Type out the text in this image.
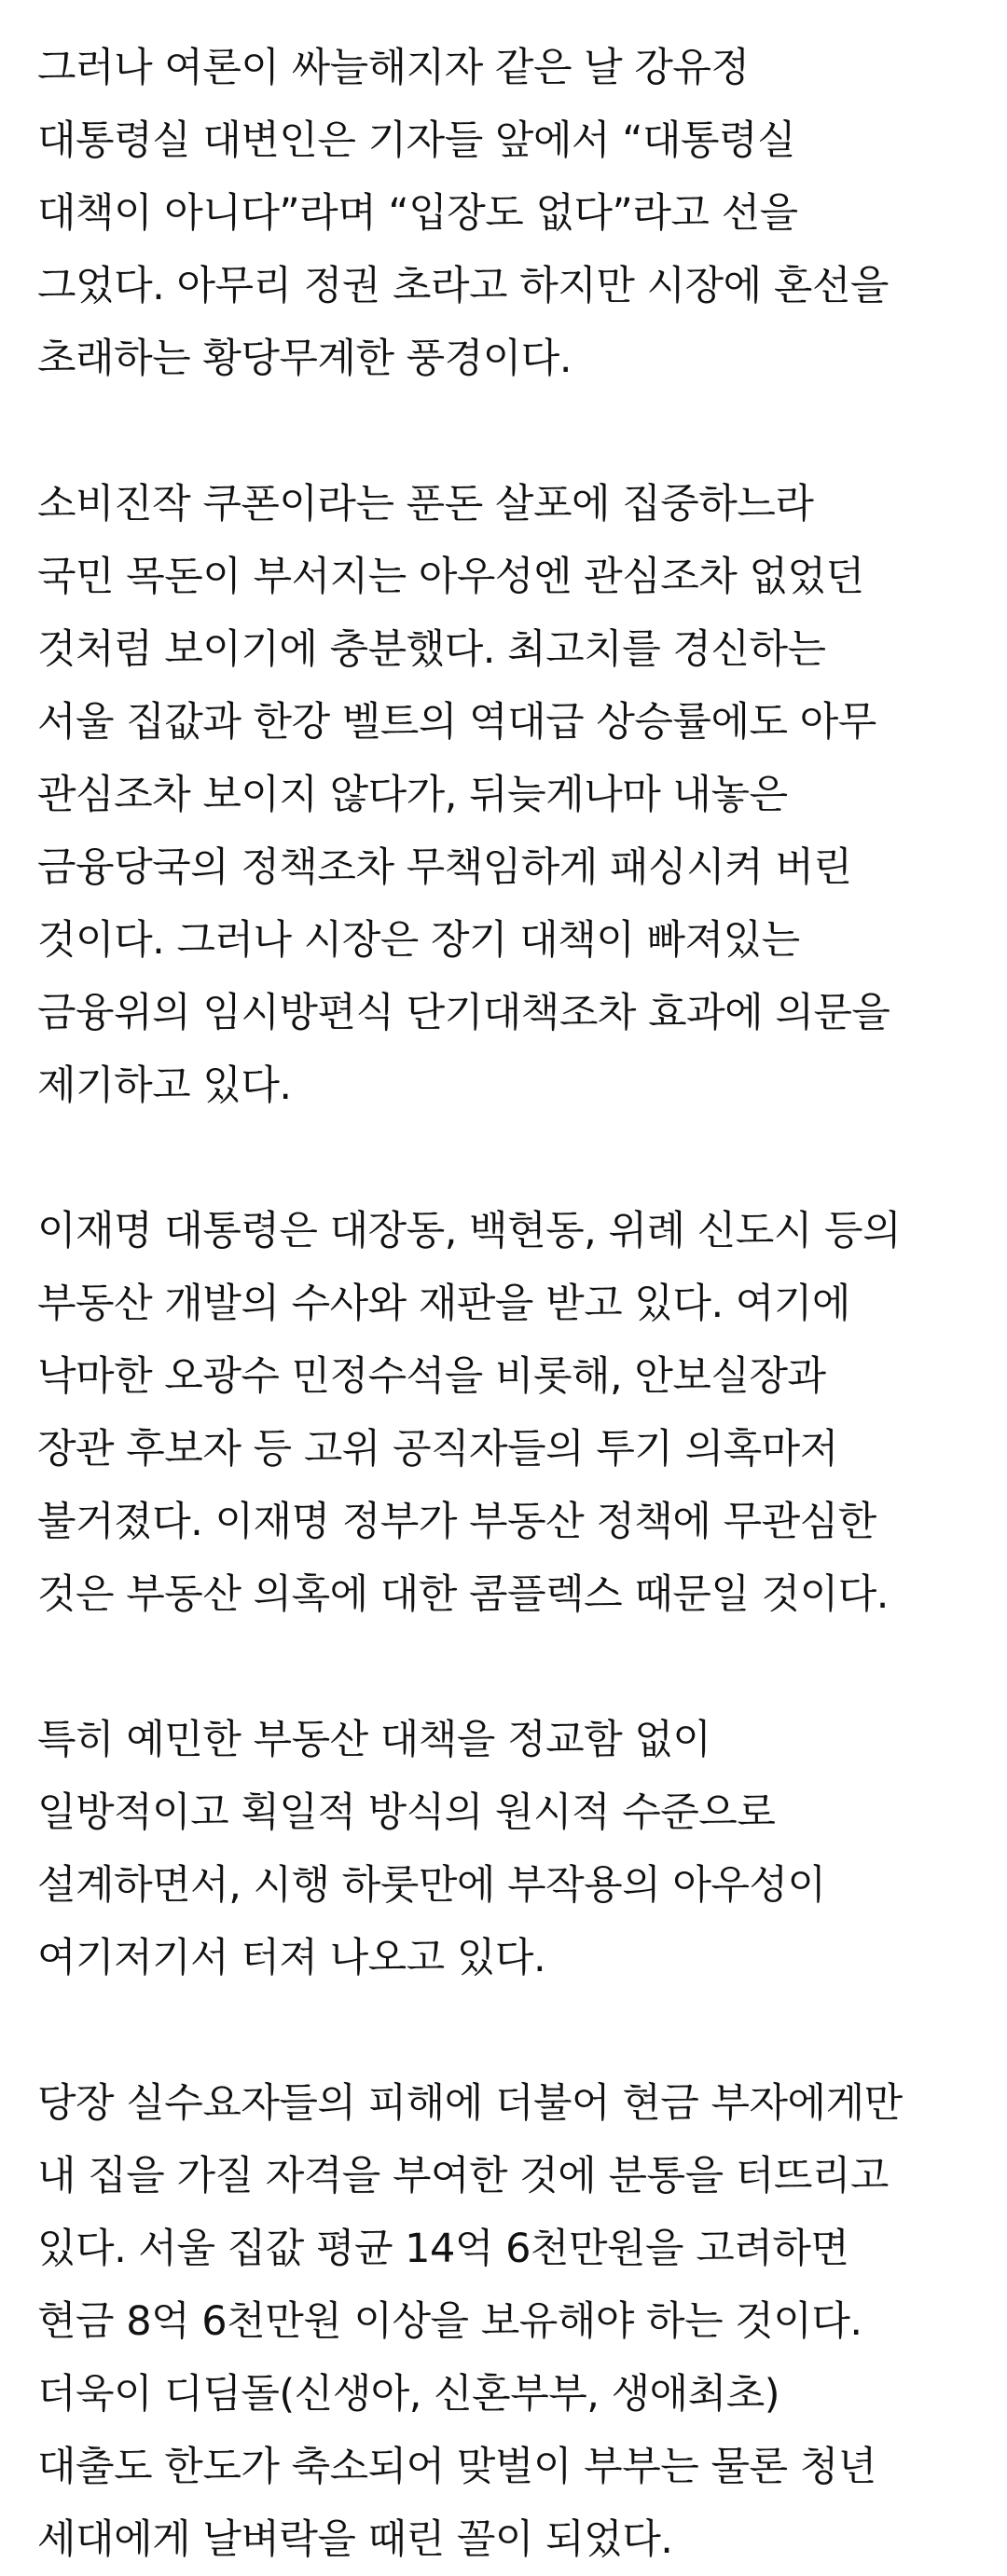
그러나 여론이 싸늘해지자 같은 날 강유정
대통령실 대변인은 기자들 앞에서 “대통령실
대책이 아니다”라며 “입장도 없다”라고 선을
그었다. 아무리 정권 초라고 하지만 시장에 혼선을
초래하는 황당무계한 풍경이다.
소비진작 쿠폰이라는 푼돈 살포에 집중하느라
국민 목돈이 부서지는 아우성엔 관심조차 없었던
것처럼 보이기에 충분했다. 최고치를 경신하는
서울 집값과 한강 벨트의 역대급 상승률에도 아무
관심조차 보이지 않다가, 뒤늦게나마 내놓은
금융당국의 정책조차 무책임하게 패싱시켜 버린
것이다. 그러나 시장은 장기 대책이 빠져있는
금융위의 임시방편식 단기대책조차 효과에 의문을
제기하고 있다.
이재명 대통령은 대장동, 백현동, 위례 신도시 등의
부동산 개발의 수사와 재판을 받고 있다. 여기에
낙마한 오광수 민정수석을 비롯해, 안보실장과
장관 후보자 등 고위 공직자들의 투기 의혹마저
불거졌다. 이재명 정부가 부동산 정책에 무관심한
것은 부동산 의혹에 대한 콤플렉스 때문일 것이다.
특히 예민한 부동산 대책을 정교함 없이
일방적이고 획일적 방식의 원시적 수준으로
설계하면서, 시행 하룻만에 부작용의 아우성이
여기저기서 터져 나오고 있다.
당장 실수요자들의 피해에 더불어 현금 부자에게만
내 집을 가질 자격을 부여한 것에 분통을 터뜨리고
있다. 서울 집값 평균 14억 6천만원을 고려하면
현금 8억 6천만원 이상을 보유해야 하는 것이다.
더욱이 디딤돌(신생아, 신혼부부, 생애최초)
대출도 한도가 축소되어 맞벌이 부부는 물론 청년
세대에게 날벼락을 때린 꼴이 되었다.
